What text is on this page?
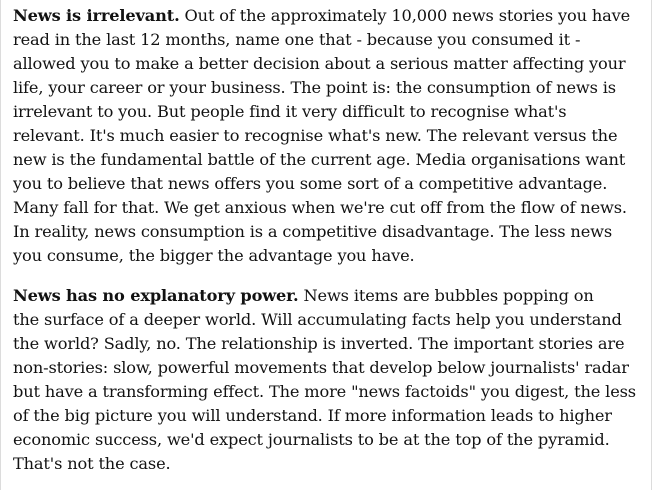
News is irrelevant. Out of the approximately 10,000 news stories you have
read in the last 12 months, name one that - because you consumed it -
allowed you to make a better decision about a serious matter affecting your
life, your career or your business. The point is: the consumption of news is
irrelevant to you. But people find it very difficult to recognise what's
relevant. It's much easier to recognise what's new. The relevant versus the
new is the fundamental battle of the current age. Media organisations want
you to believe that news offers you some sort of a competitive advantage.
Many fall for that. We get anxious when we're cut off from the flow of news.
In reality, news consumption is a competitive disadvantage. The less news
you consume, the bigger the advantage you have.

News has no explanatory power. News items are bubbles popping on
the surface of a deeper world. Will accumulating facts help you understand
the world? Sadly, no. The relationship is inverted. The important stories are
non-stories: slow, powerful movements that develop below journalists' radar
but have a transforming effect. The more "news factoids" you digest, the less
of the big picture you will understand. If more information leads to higher
economic success, we'd expect journalists to be at the top of the pyramid.
That's not the case.
